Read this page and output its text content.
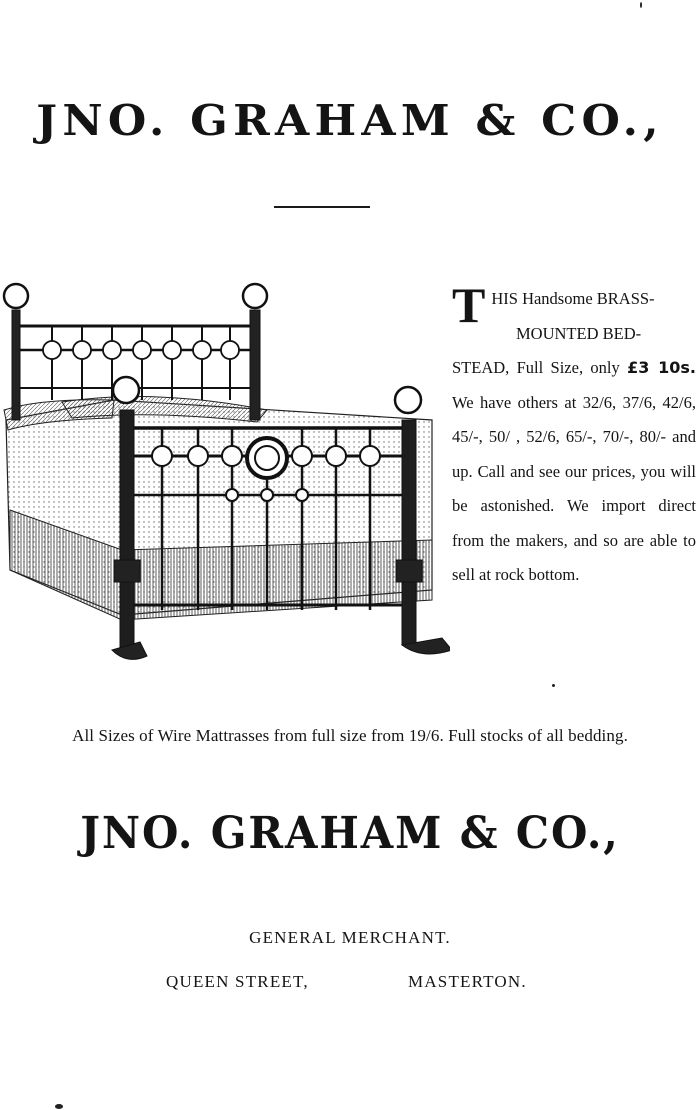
JNO. GRAHAM & CO.,
T HIS Handsome BRASS-
MOUNTED BED-
STEAD, Full Size, only £3 10s. We have others at 32/6, 37/6, 42/6, 45/-, 50/ , 52/6, 65/-, 70/-, 80/- and up. Call and see our prices, you will be astonished. We import direct from the makers, and so are able to sell at rock bottom.
All Sizes of Wire Mattrasses from full size from 19/6. Full stocks of all bedding.
JNO. GRAHAM & CO.,
GENERAL MERCHANT.
QUEEN STREET,	MASTERTON.
